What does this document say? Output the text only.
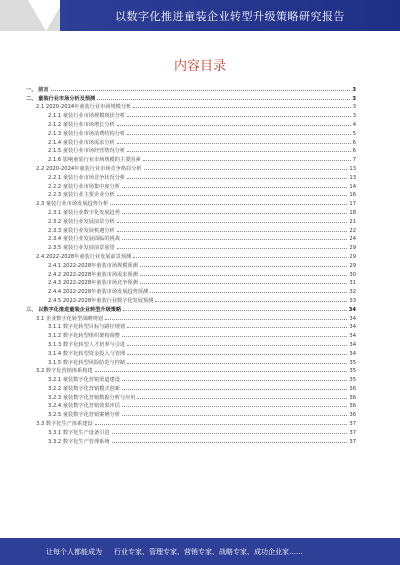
以数字化推进童装企业转型升级策略研究报告
内容目录
一、 前言	3
二、 童装行业市场分析及预测	3
2.1 2020-2024年童装行业市场规模分析	3
2.1.1 童装行业市场规模现状分析	3
2.1.2 童装行业市场增长分析	4
2.1.3 童装行业市场消费结构分析	5
2.1.4 童装行业市场需求分析	6
2.1.5 童装行业市场经营情况分析	6
2.1.6 影响童装行业市场规模的主要因素	7
2.2 2020-2024年童装行业市场竞争格局分析	13
2.2.1 童装行业市场竞争状况分析	13
2.2.2 童装行业市场集中度分析	14
2.2.3 童装行业主要企业分析	16
2.3 童装行业市场发展趋势分析	17
2.3.1 童装行业数字化发展趋势	18
2.3.2 童装行业发展前景分析	21
2.3.3 童装行业发展机遇分析	22
2.3.4 童装行业发展面临的挑战	24
2.3.5 童装行业发展前景展望	29
2.4 2022-2028年童装行业发展前景预测	29
2.4.1 2022-2028年童装市场规模预测	29
2.4.2 2022-2028年童装市场需求预测	30
2.4.3 2022-2028年童装市场竞争预测	31
2.4.4 2022-2028年童装市场发展趋势预测	32
2.4.5 2022-2028年童装行业数字化发展预测	33
三、 以数字化推进童装企业转型升级策略	34
3.1 企业数字化转型战略规划	34
3.1.1 数字化转型目标与路径规划	34
3.1.2 数字化转型组织架构调整	34
3.1.3 数字化转型人才培养与引进	34
3.1.4 数字化转型资金投入与管理	34
3.1.5 数字化转型风险防范与控制	35
3.2 数字化营销体系构建	35
3.2.1 童装数字化营销渠道建设	35
3.2.2 童装数字化营销模式创新	36
3.2.3 童装数字化营销数据分析与应用	36
3.2.4 童装数字化营销效果评估	36
3.2.5 童装数字化营销案例分析	36
3.3 数字化生产体系建设	37
3.3.1 数字化生产设备引进	37
3.3.2 数字化生产管理系统	37
让每个人都能成为	行业专家、管理专家、营销专家、战略专家、成功企业家……
